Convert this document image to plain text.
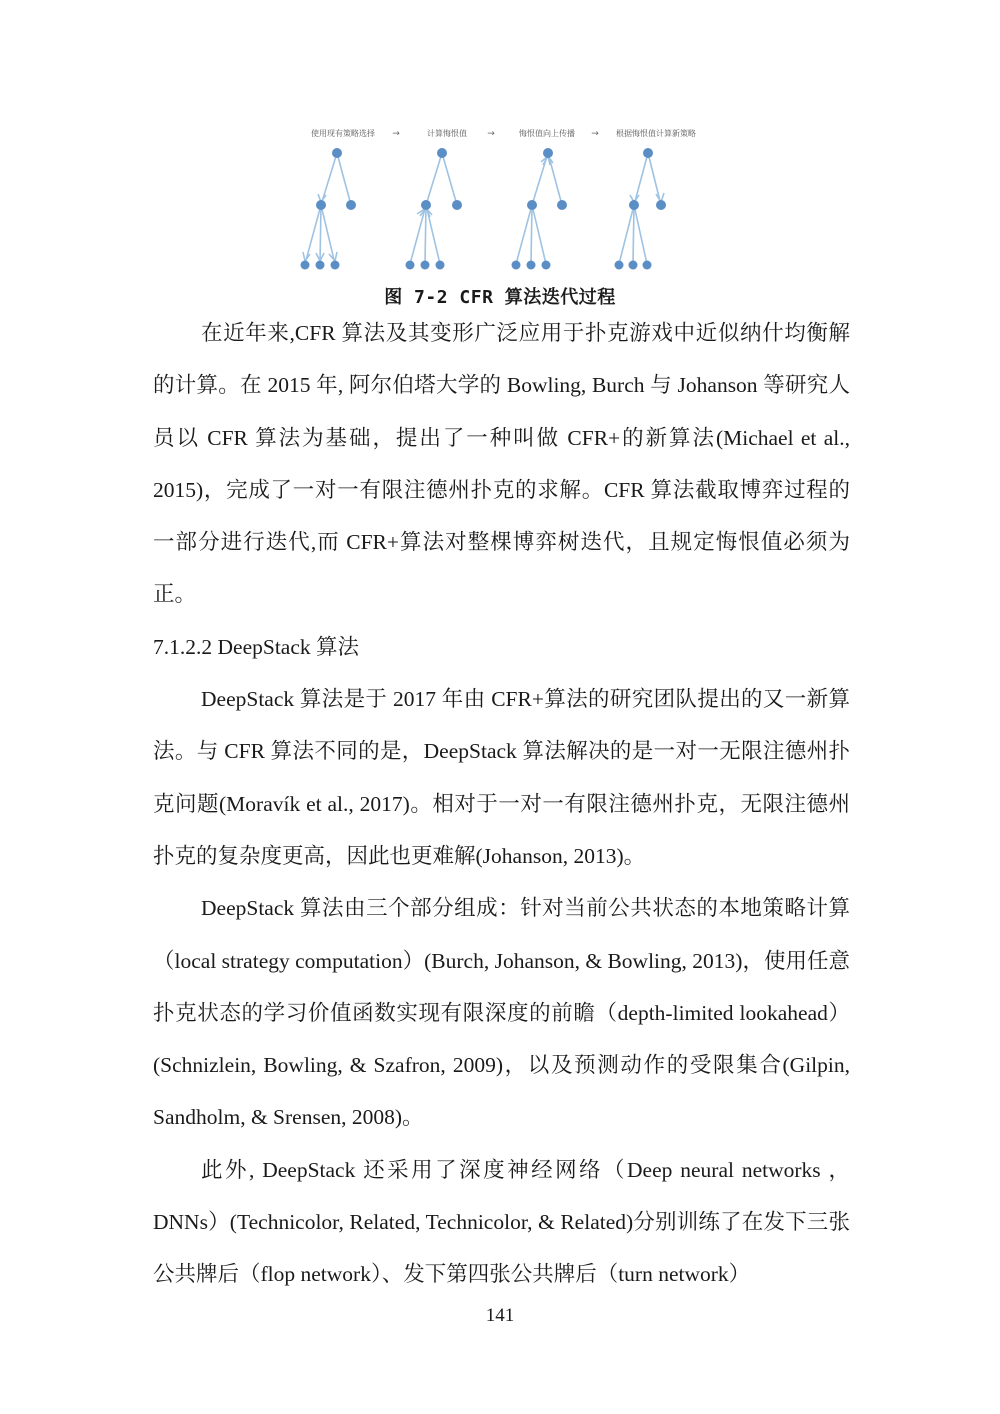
使用现有策略选择 →	计算悔恨值 →	悔恨值向上传播 → 根据悔恨值计算新策略
图 7-2 CFR 算法迭代过程

在近年来,CFR 算法及其变形广泛应用于扑克游戏中近似纳什均衡解的计算。在 2015 年, 阿尔伯塔大学的 Bowling, Burch 与 Johanson 等研究人员以 CFR 算法为基础，提出了一种叫做 CFR+的新算法(Michael et al., 2015)，完成了一对一有限注德州扑克的求解。CFR 算法截取博弈过程的一部分进行迭代,而 CFR+算法对整棵博弈树迭代，且规定悔恨值必须为正。

7.1.2.2 DeepStack 算法

DeepStack 算法是于 2017 年由 CFR+算法的研究团队提出的又一新算法。与 CFR 算法不同的是，DeepStack 算法解决的是一对一无限注德州扑克问题(Moravík et al., 2017)。相对于一对一有限注德州扑克，无限注德州扑克的复杂度更高，因此也更难解(Johanson, 2013)。

DeepStack 算法由三个部分组成：针对当前公共状态的本地策略计算（local strategy computation）(Burch, Johanson, & Bowling, 2013)，使用任意扑克状态的学习价值函数实现有限深度的前瞻（depth-limited lookahead）(Schnizlein, Bowling, & Szafron, 2009)，以及预测动作的受限集合(Gilpin, Sandholm, & Srensen, 2008)。

此外, DeepStack 还采用了深度神经网络（Deep neural networks ，DNNs）(Technicolor, Related, Technicolor, & Related)分别训练了在发下三张公共牌后（flop network）、发下第四张公共牌后（turn network）

141
